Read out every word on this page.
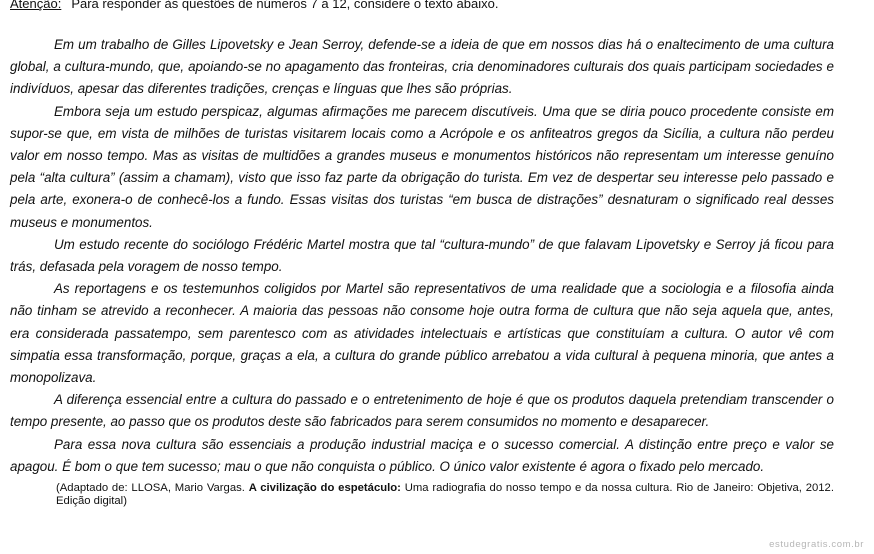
Atenção: Para responder às questões de números 7 a 12, considere o texto abaixo.

Em um trabalho de Gilles Lipovetsky e Jean Serroy, defende-se a ideia de que em nossos dias há o enaltecimento de uma cultura global, a cultura-mundo, que, apoiando-se no apagamento das fronteiras, cria denominadores culturais dos quais participam sociedades e indivíduos, apesar das diferentes tradições, crenças e línguas que lhes são próprias.

Embora seja um estudo perspicaz, algumas afirmações me parecem discutíveis. Uma que se diria pouco procedente consiste em supor-se que, em vista de milhões de turistas visitarem locais como a Acrópole e os anfiteatros gregos da Sicília, a cultura não perdeu valor em nosso tempo. Mas as visitas de multidões a grandes museus e monumentos históricos não representam um interesse genuíno pela “alta cultura” (assim a chamam), visto que isso faz parte da obrigação do turista. Em vez de despertar seu interesse pelo passado e pela arte, exonera-o de conhecê-los a fundo. Essas visitas dos turistas “em busca de distrações” desnaturam o significado real desses museus e monumentos.

Um estudo recente do sociólogo Frédéric Martel mostra que tal “cultura-mundo” de que falavam Lipovetsky e Serroy já ficou para trás, defasada pela voragem de nosso tempo.

As reportagens e os testemunhos coligidos por Martel são representativos de uma realidade que a sociologia e a filosofia ainda não tinham se atrevido a reconhecer. A maioria das pessoas não consome hoje outra forma de cultura que não seja aquela que, antes, era considerada passatempo, sem parentesco com as atividades intelectuais e artísticas que constituíam a cultura. O autor vê com simpatia essa transformação, porque, graças a ela, a cultura do grande público arrebatou a vida cultural à pequena minoria, que antes a monopolizava.

A diferença essencial entre a cultura do passado e o entretenimento de hoje é que os produtos daquela pretendiam transcender o tempo presente, ao passo que os produtos deste são fabricados para serem consumidos no momento e desaparecer.

Para essa nova cultura são essenciais a produção industrial maciça e o sucesso comercial. A distinção entre preço e valor se apagou. É bom o que tem sucesso; mau o que não conquista o público. O único valor existente é agora o fixado pelo mercado.

(Adaptado de: LLOSA, Mario Vargas. A civilização do espetáculo: Uma radiografia do nosso tempo e da nossa cultura. Rio de Janeiro: Objetiva, 2012. Edição digital)
estudegratis.com.br
